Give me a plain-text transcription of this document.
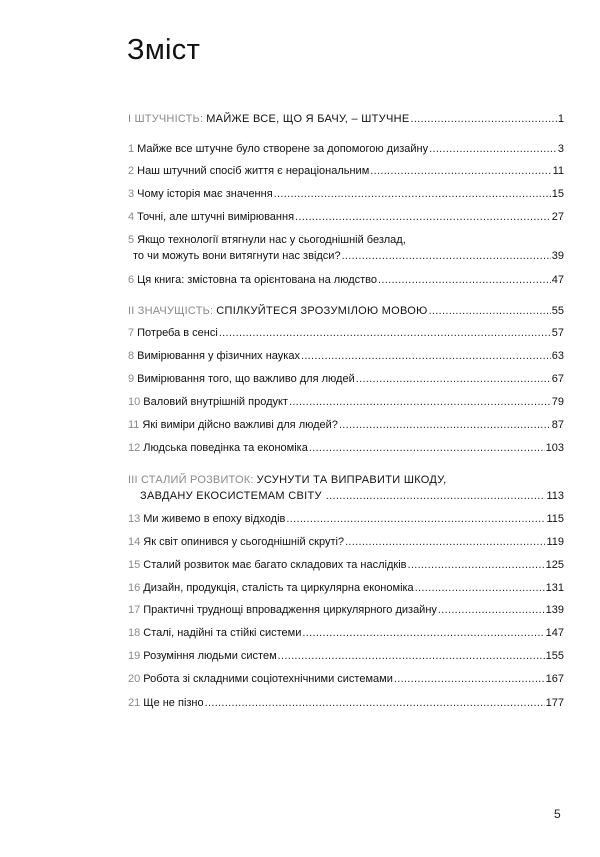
Зміст
І ШТУЧНІСТЬ: МАЙЖЕ ВСЕ, ЩО Я БАЧУ, – ШТУЧНЕ .....	1
1 Майже все штучне було створене за допомогою дизайну .....	3
2 Наш штучний спосіб життя є нераціональним .....	11
3 Чому історія має значення .....	15
4 Точні, але штучні вимірювання .....	27
5 Якщо технології втягнули нас у сьогоднішній безлад,
то чи можуть вони витягнути нас звідси? .....	39
6 Ця книга: змістовна та орієнтована на людство .....	47
ІІ ЗНАЧУЩІСТЬ: СПІЛКУЙТЕСЯ ЗРОЗУМІЛОЮ МОВОЮ .....	55
7 Потреба в сенсі .....	57
8 Вимірювання у фізичних науках .....	63
9 Вимірювання того, що важливо для людей .....	67
10 Валовий внутрішній продукт .....	79
11 Які виміри дійсно важливі для людей? .....	87
12 Людська поведінка та економіка .....	103
ІІІ СТАЛИЙ РОЗВИТОК: УСУНУТИ ТА ВИПРАВИТИ ШКОДУ,
ЗАВДАНУ ЕКОСИСТЕМАМ СВІТУ .....	113
13 Ми живемо в епоху відходів .....	115
14 Як світ опинився у сьогоднішній скруті? .....	119
15 Сталий розвиток має багато складових та наслідків .....	125
16 Дизайн, продукція, сталість та циркулярна економіка .....	131
17 Практичні труднощі впровадження циркулярного дизайну .....	139
18 Сталі, надійні та стійкі системи .....	147
19 Розуміння людьми систем .....	155
20 Робота зі складними соціотехнічними системами .....	167
21 Ще не пізно .....	177
5
